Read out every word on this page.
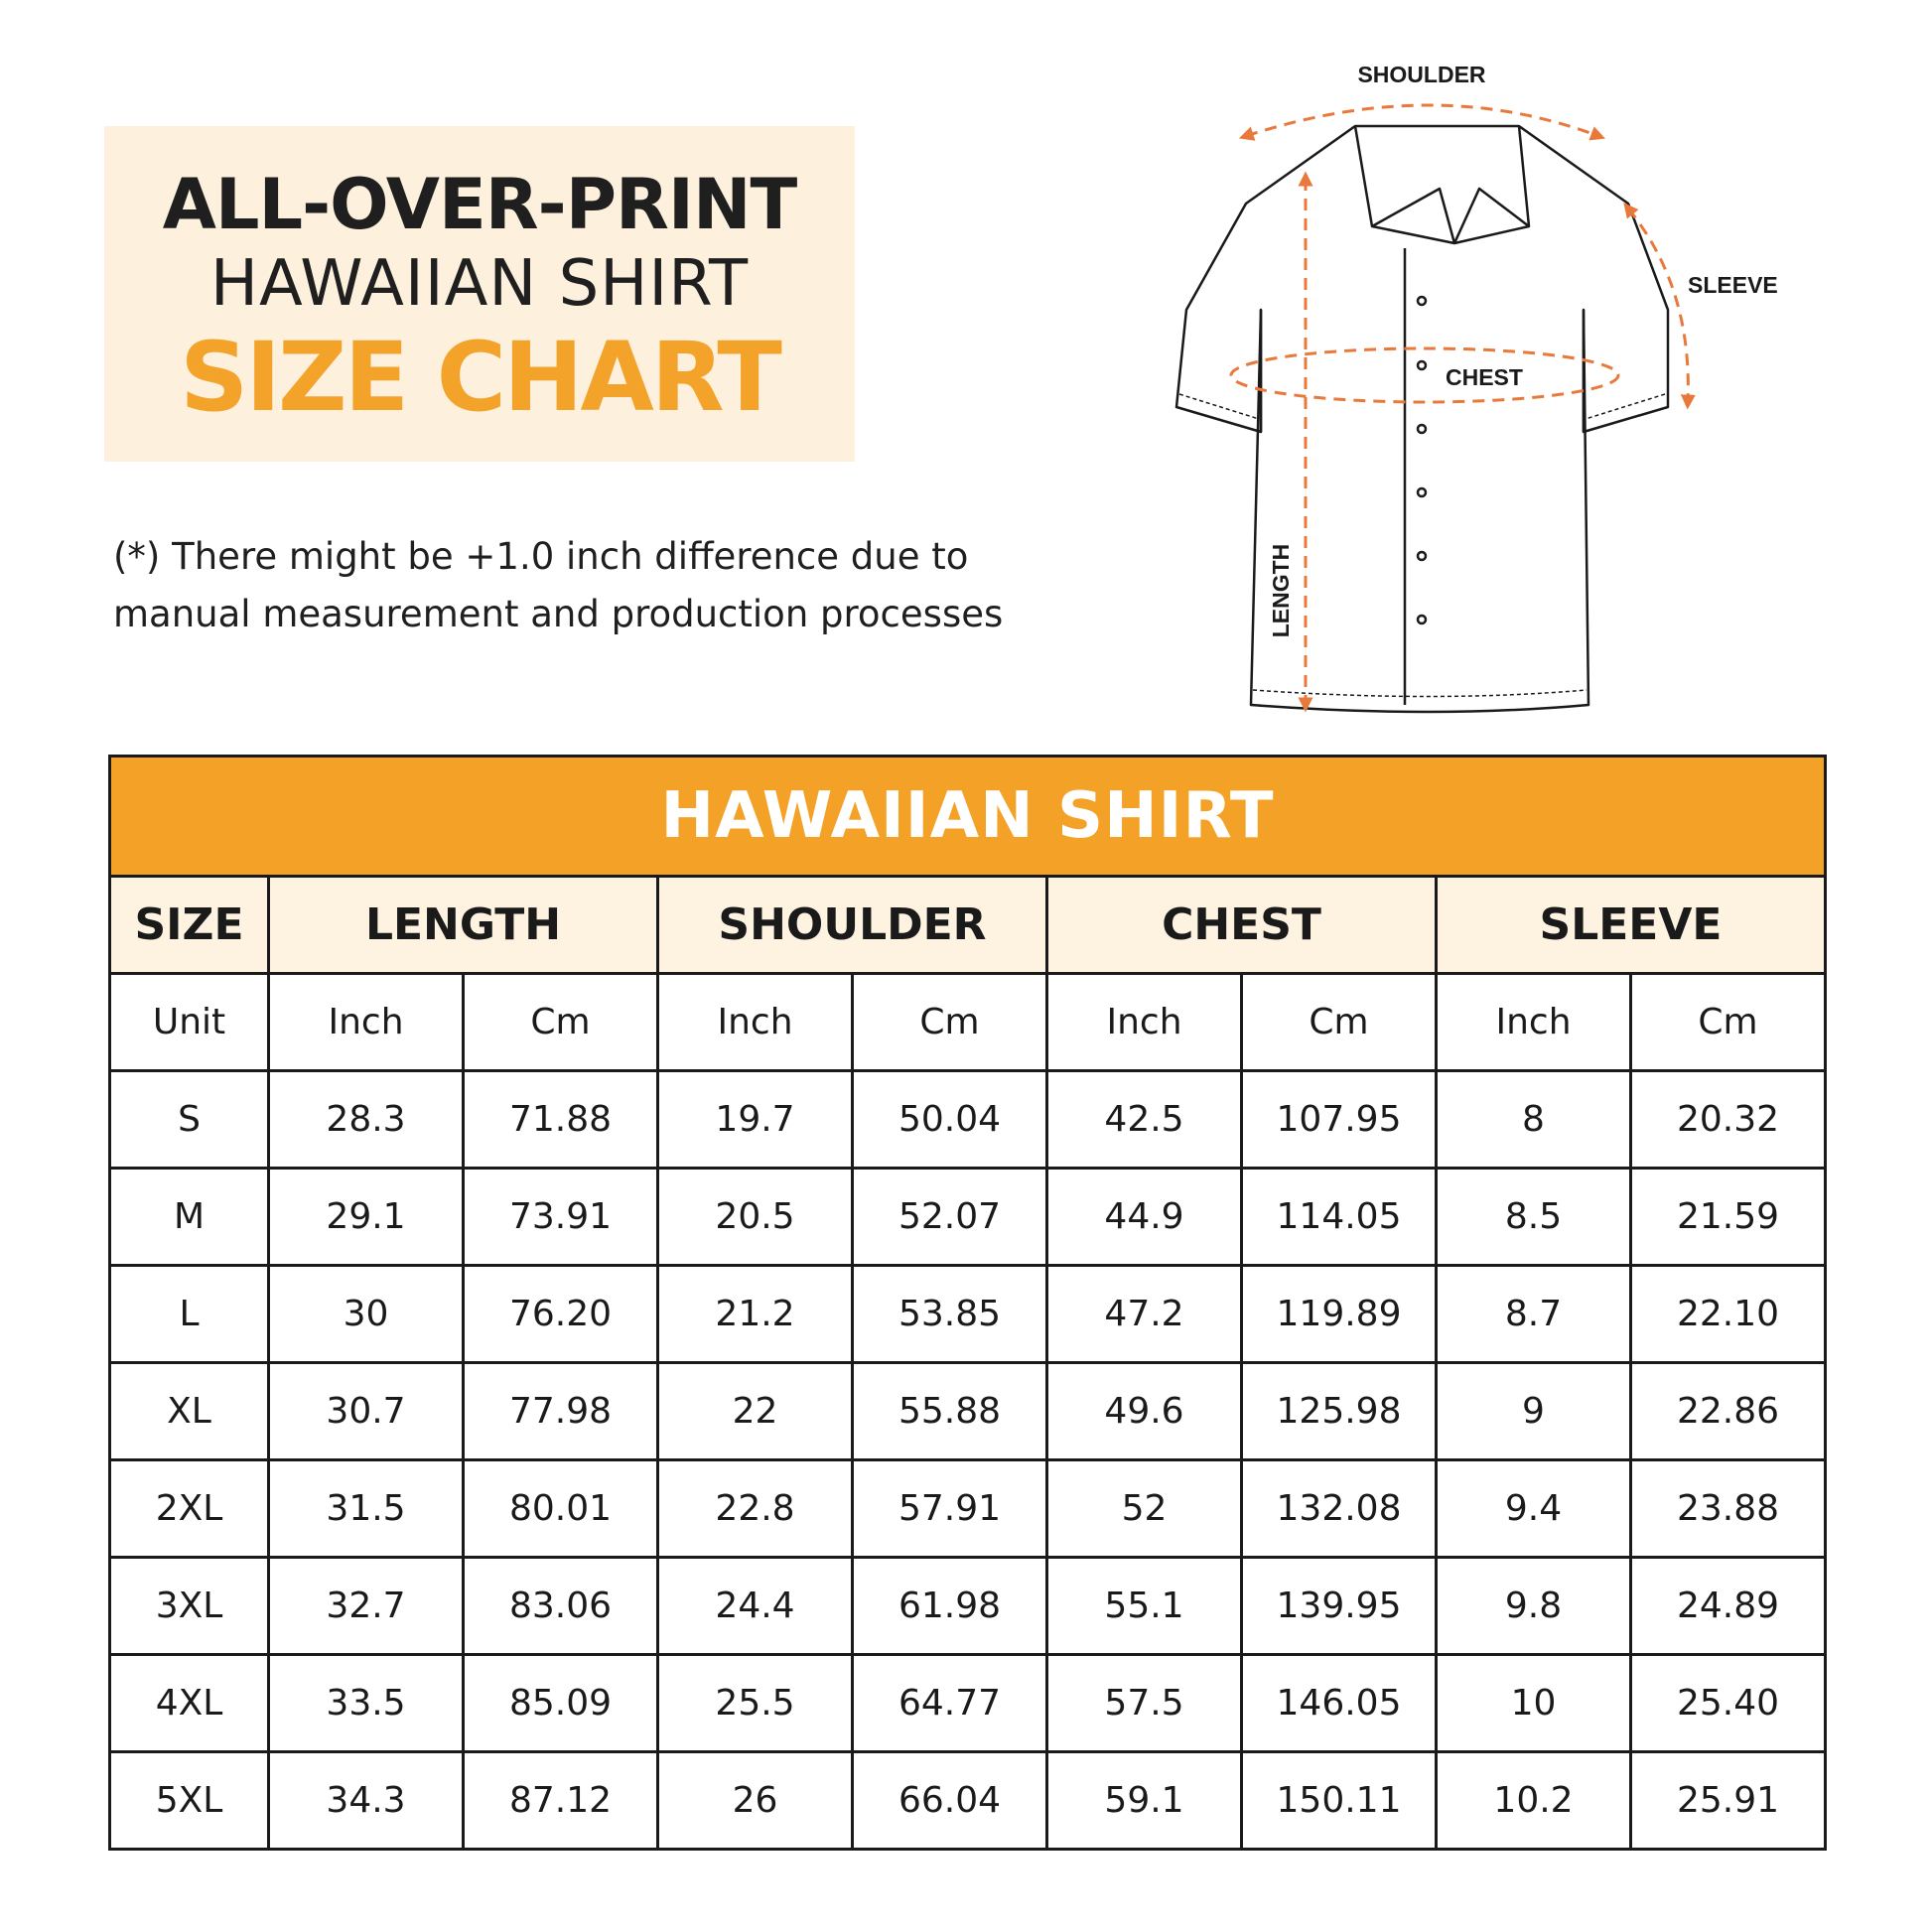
ALL-OVER-PRINT
HAWAIIAN SHIRT
SIZE CHART
(*) There might be +1.0 inch difference due to
manual measurement and production processes
SHOULDER
SLEEVE
CHEST
LENGTH
HAWAIIAN SHIRT								
SIZE	LENGTH		SHOULDER		CHEST		SLEEVE	
Unit	Inch	Cm	Inch	Cm	Inch	Cm	Inch	Cm
S	28.3	71.88	19.7	50.04	42.5	107.95	8	20.32
M	29.1	73.91	20.5	52.07	44.9	114.05	8.5	21.59
L	30	76.20	21.2	53.85	47.2	119.89	8.7	22.10
XL	30.7	77.98	22	55.88	49.6	125.98	9	22.86
2XL	31.5	80.01	22.8	57.91	52	132.08	9.4	23.88
3XL	32.7	83.06	24.4	61.98	55.1	139.95	9.8	24.89
4XL	33.5	85.09	25.5	64.77	57.5	146.05	10	25.40
5XL	34.3	87.12	26	66.04	59.1	150.11	10.2	25.91
